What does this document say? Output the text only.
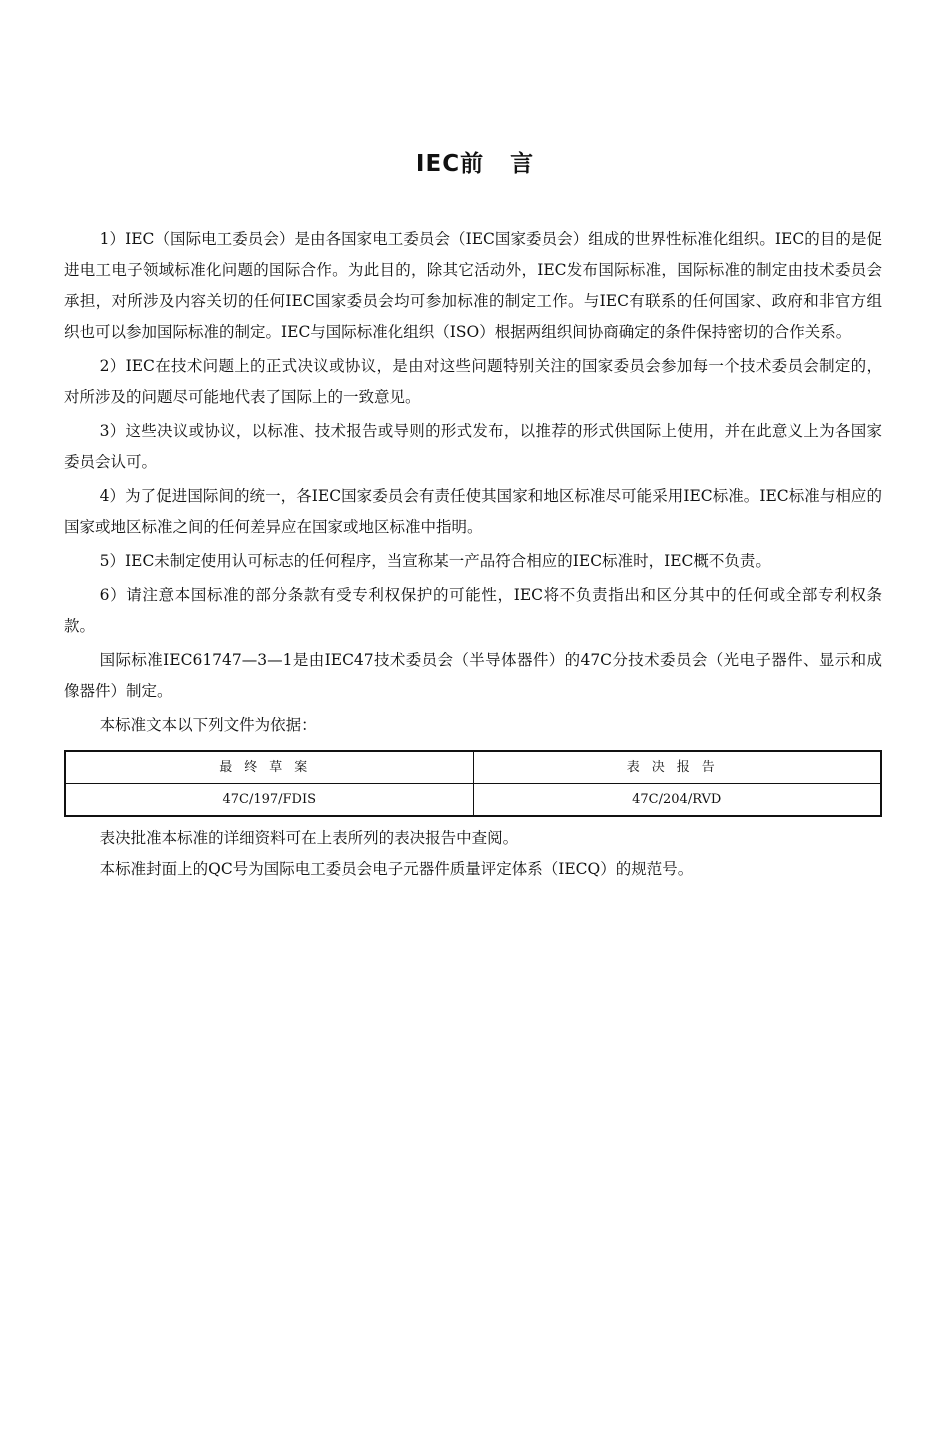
IEC前 言

1）IEC（国际电工委员会）是由各国家电工委员会（IEC国家委员会）组成的世界性标准化组织。IEC的目的是促进电工电子领域标准化问题的国际合作。为此目的，除其它活动外，IEC发布国际标准，国际标准的制定由技术委员会承担，对所涉及内容关切的任何IEC国家委员会均可参加标准的制定工作。与IEC有联系的任何国家、政府和非官方组织也可以参加国际标准的制定。IEC与国际标准化组织（ISO）根据两组织间协商确定的条件保持密切的合作关系。

2）IEC在技术问题上的正式决议或协议，是由对这些问题特别关注的国家委员会参加每一个技术委员会制定的，对所涉及的问题尽可能地代表了国际上的一致意见。

3）这些决议或协议，以标准、技术报告或导则的形式发布，以推荐的形式供国际上使用，并在此意义上为各国家委员会认可。

4）为了促进国际间的统一，各IEC国家委员会有责任使其国家和地区标准尽可能采用IEC标准。IEC标准与相应的国家或地区标准之间的任何差异应在国家或地区标准中指明。

5）IEC未制定使用认可标志的任何程序，当宣称某一产品符合相应的IEC标准时，IEC概不负责。

6）请注意本国标准的部分条款有受专利权保护的可能性，IEC将不负责指出和区分其中的任何或全部专利权条款。

国际标准IEC61747—3—1是由IEC47技术委员会（半导体器件）的47C分技术委员会（光电子器件、显示和成像器件）制定。

本标准文本以下列文件为依据：

最终草案	表决报告
47C/197/FDIS	47C/204/RVD

表决批准本标准的详细资料可在上表所列的表决报告中查阅。

本标准封面上的QC号为国际电工委员会电子元器件质量评定体系（IECQ）的规范号。
